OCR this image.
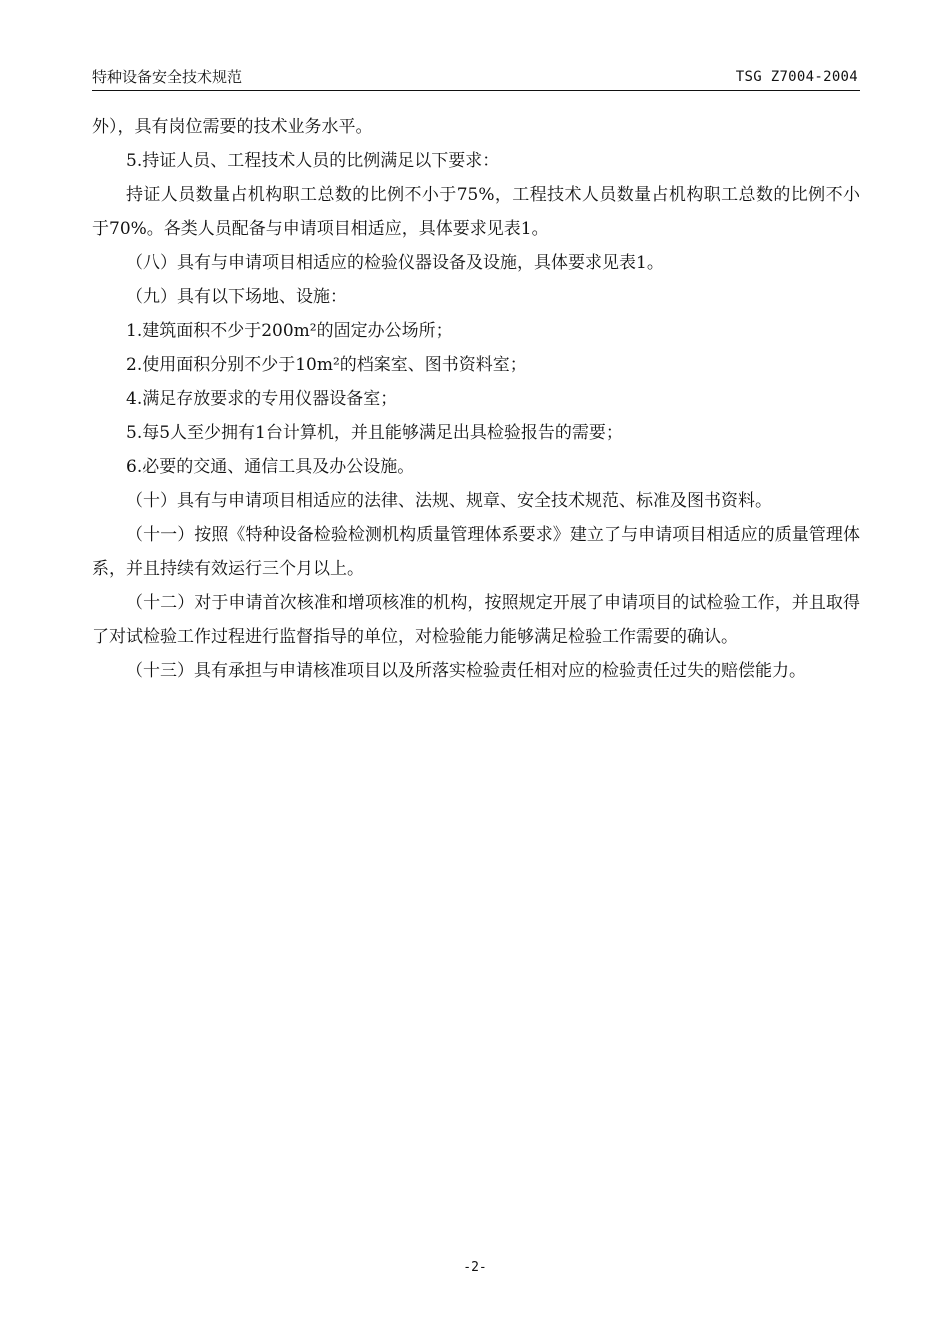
特种设备安全技术规范	TSG Z7004-2004

外），具有岗位需要的技术业务水平。

5.持证人员、工程技术人员的比例满足以下要求：

持证人员数量占机构职工总数的比例不小于75%，工程技术人员数量占机构职工总数的比例不小于70%。各类人员配备与申请项目相适应，具体要求见表1。

（八）具有与申请项目相适应的检验仪器设备及设施，具体要求见表1。

（九）具有以下场地、设施：

1.建筑面积不少于200m²的固定办公场所；

2.使用面积分别不少于10m²的档案室、图书资料室；

4.满足存放要求的专用仪器设备室；

5.每5人至少拥有1台计算机，并且能够满足出具检验报告的需要；

6.必要的交通、通信工具及办公设施。

（十）具有与申请项目相适应的法律、法规、规章、安全技术规范、标准及图书资料。

（十一）按照《特种设备检验检测机构质量管理体系要求》建立了与申请项目相适应的质量管理体系，并且持续有效运行三个月以上。

（十二）对于申请首次核准和增项核准的机构，按照规定开展了申请项目的试检验工作，并且取得了对试检验工作过程进行监督指导的单位，对检验能力能够满足检验工作需要的确认。

（十三）具有承担与申请核准项目以及所落实检验责任相对应的检验责任过失的赔偿能力。

-2-
